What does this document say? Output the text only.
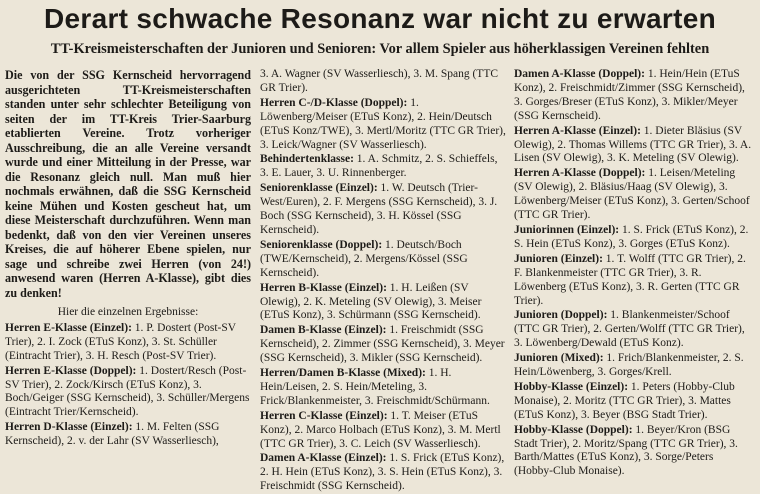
Derart schwache Resonanz war nicht zu erwarten
TT-Kreismeisterschaften der Junioren und Senioren: Vor allem Spieler aus höherklassigen Vereinen fehlten

Die von der SSG Kernscheid hervorragend ausgerichteten TT-Kreismeisterschaften standen unter sehr schlechter Beteiligung von seiten der im TT-Kreis Trier-Saarburg etablierten Vereine. Trotz vorheriger Ausschreibung, die an alle Vereine versandt wurde und einer Mitteilung in der Presse, war die Resonanz gleich null. Man muß hier nochmals erwähnen, daß die SSG Kernscheid keine Mühen und Kosten gescheut hat, um diese Meisterschaft durchzuführen. Wenn man bedenkt, daß von den vier Vereinen unseres Kreises, die auf höherer Ebene spielen, nur sage und schreibe zwei Herren (von 24!) anwesend waren (Herren A-Klasse), gibt dies zu denken!

Hier die einzelnen Ergebnisse:

Herren E-Klasse (Einzel): 1. P. Dostert (Post-SV Trier), 2. I. Zock (ETuS Konz), 3. St. Schüller (Eintracht Trier), 3. H. Resch (Post-SV Trier).

Herren E-Klasse (Doppel): 1. Dostert/Resch (Post-SV Trier), 2. Zock/Kirsch (ETuS Konz), 3. Boch/Geiger (SSG Kernscheid), 3. Schüller/Mergens (Eintracht Trier/Kernscheid).

Herren D-Klasse (Einzel): 1. M. Felten (SSG Kernscheid), 2. v. der Lahr (SV Wasserliesch),

3. A. Wagner (SV Wasserliesch), 3. M. Spang (TTC GR Trier).

Herren C-/D-Klasse (Doppel): 1. Löwenberg/Meiser (ETuS Konz), 2. Hein/Deutsch (ETuS Konz/TWE), 3. Mertl/Moritz (TTC GR Trier), 3. Leick/Wagner (SV Wasserliesch).

Behindertenklasse: 1. A. Schmitz, 2. S. Schieffels, 3. E. Lauer, 3. U. Rinnenberger.

Seniorenklasse (Einzel): 1. W. Deutsch (Trier-West/Euren), 2. F. Mergens (SSG Kernscheid), 3. J. Boch (SSG Kernscheid), 3. H. Kössel (SSG Kernscheid).

Seniorenklasse (Doppel): 1. Deutsch/Boch (TWE/Kernscheid), 2. Mergens/Kössel (SSG Kernscheid).

Herren B-Klasse (Einzel): 1. H. Leißen (SV Olewig), 2. K. Meteling (SV Olewig), 3. Meiser (ETuS Konz), 3. Schürmann (SSG Kernscheid).

Damen B-Klasse (Einzel): 1. Freischmidt (SSG Kernscheid), 2. Zimmer (SSG Kernscheid), 3. Meyer (SSG Kernscheid), 3. Mikler (SSG Kernscheid).

Herren/Damen B-Klasse (Mixed): 1. H. Hein/Leisen, 2. S. Hein/Meteling, 3. Frick/Blankenmeister, 3. Freischmidt/Schürmann.

Herren C-Klasse (Einzel): 1. T. Meiser (ETuS Konz), 2. Marco Holbach (ETuS Konz), 3. M. Mertl (TTC GR Trier), 3. C. Leich (SV Wasserliesch).

Damen A-Klasse (Einzel): 1. S. Frick (ETuS Konz), 2. H. Hein (ETuS Konz), 3. S. Hein (ETuS Konz), 3. Freischmidt (SSG Kernscheid).

Damen A-Klasse (Doppel): 1. Hein/Hein (ETuS Konz), 2. Freischmidt/Zimmer (SSG Kernscheid), 3. Gorges/Breser (ETuS Konz), 3. Mikler/Meyer (SSG Kernscheid).

Herren A-Klasse (Einzel): 1. Dieter Bläsius (SV Olewig), 2. Thomas Willems (TTC GR Trier), 3. A. Lisen (SV Olewig), 3. K. Meteling (SV Olewig).

Herren A-Klasse (Doppel): 1. Leisen/Meteling (SV Olewig), 2. Bläsius/Haag (SV Olewig), 3. Löwenberg/Meiser (ETuS Konz), 3. Gerten/Schoof (TTC GR Trier).

Juniorinnen (Einzel): 1. S. Frick (ETuS Konz), 2. S. Hein (ETuS Konz), 3. Gorges (ETuS Konz).

Junioren (Einzel): 1. T. Wolff (TTC GR Trier), 2. F. Blankenmeister (TTC GR Trier), 3. R. Löwenberg (ETuS Konz), 3. R. Gerten (TTC GR Trier).

Junioren (Doppel): 1. Blankenmeister/Schoof (TTC GR Trier), 2. Gerten/Wolff (TTC GR Trier), 3. Löwenberg/Dewald (ETuS Konz).

Junioren (Mixed): 1. Frich/Blankenmeister, 2. S. Hein/Löwenberg, 3. Gorges/Krell.

Hobby-Klasse (Einzel): 1. Peters (Hobby-Club Monaise), 2. Moritz (TTC GR Trier), 3. Mattes (ETuS Konz), 3. Beyer (BSG Stadt Trier).

Hobby-Klasse (Doppel): 1. Beyer/Kron (BSG Stadt Trier), 2. Moritz/Spang (TTC GR Trier), 3. Barth/Mattes (ETuS Konz), 3. Sorge/Peters (Hobby-Club Monaise).
